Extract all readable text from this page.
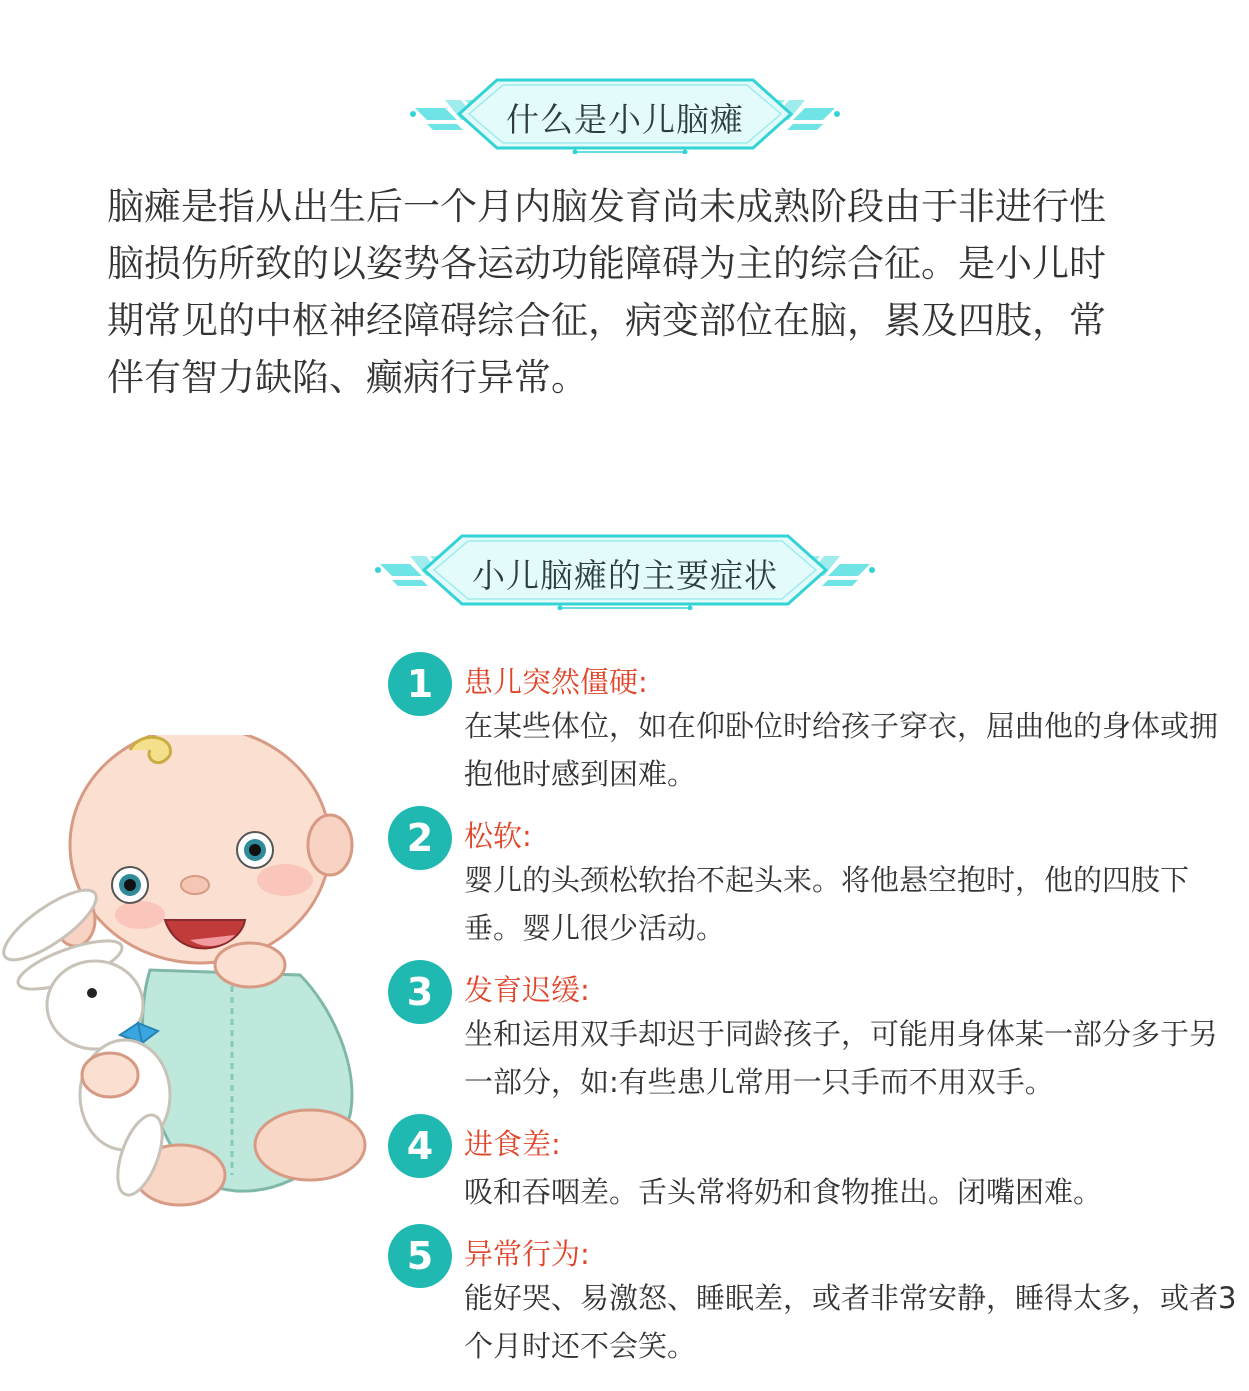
什么是小儿脑瘫

脑瘫是指从出生后一个月内脑发育尚未成熟阶段由于非进行性脑损伤所致的以姿势各运动功能障碍为主的综合征。是小儿时期常见的中枢神经障碍综合征，病变部位在脑，累及四肢，常伴有智力缺陷、癫病行异常。

小儿脑瘫的主要症状
1	患儿突然僵硬:
在某些体位，如在仰卧位时给孩子穿衣，屈曲他的身体或拥抱他时感到困难。
2	松软:
婴儿的头颈松软抬不起头来。将他悬空抱时，他的四肢下垂。婴儿很少活动。
3	发育迟缓:
坐和运用双手却迟于同龄孩子，可能用身体某一部分多于另一部分，如:有些患儿常用一只手而不用双手。
4	进食差:
吸和吞咽差。舌头常将奶和食物推出。闭嘴困难。
5	异常行为:
能好哭、易激怒、睡眠差，或者非常安静，睡得太多，或者3个月时还不会笑。
